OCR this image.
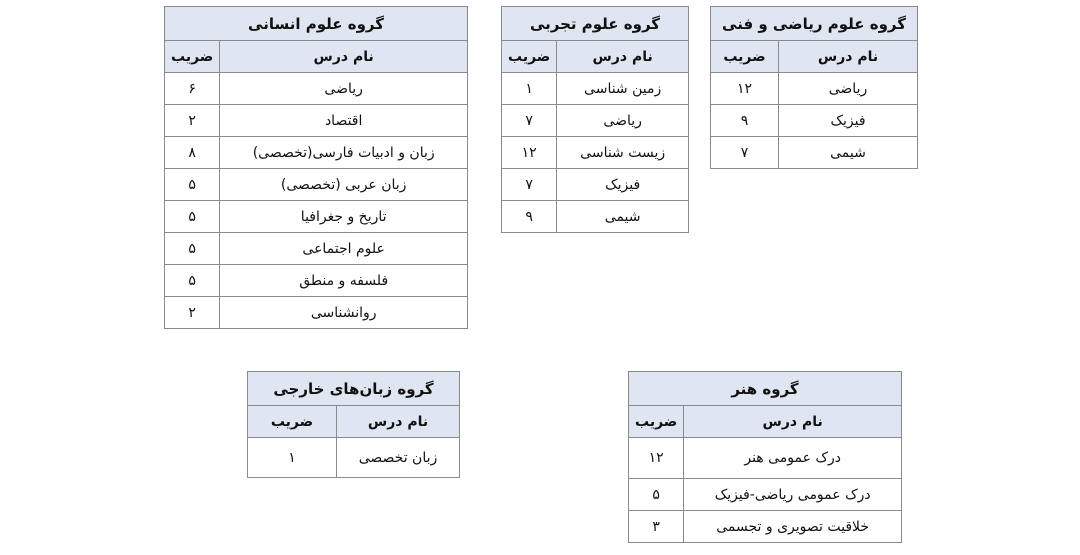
گروه علوم انسانی	
نام درس	ضریب
ریاضی	۶
اقتصاد	۲
زبان و ادبیات فارسی(تخصصی)	۸
زبان عربی (تخصصی)	۵
تاریخ و جغرافیا	۵
علوم اجتماعی	۵
فلسفه و منطق	۵
روانشناسی	۲
گروه علوم تجربی	
نام درس	ضریب
زمین شناسی	۱
ریاضی	۷
زیست شناسی	۱۲
فیزیک	۷
شیمی	۹
گروه علوم ریاضی و فنی	
نام درس	ضریب
ریاضی	۱۲
فیزیک	۹
شیمی	۷
گروه زبان‌های خارجی	
نام درس	ضریب
زبان تخصصی	۱
گروه هنر	
نام درس	ضریب
درک عمومی هنر	۱۲
درک عمومی ریاضی-فیزیک	۵
خلاقیت تصویری و تجسمی	۳
